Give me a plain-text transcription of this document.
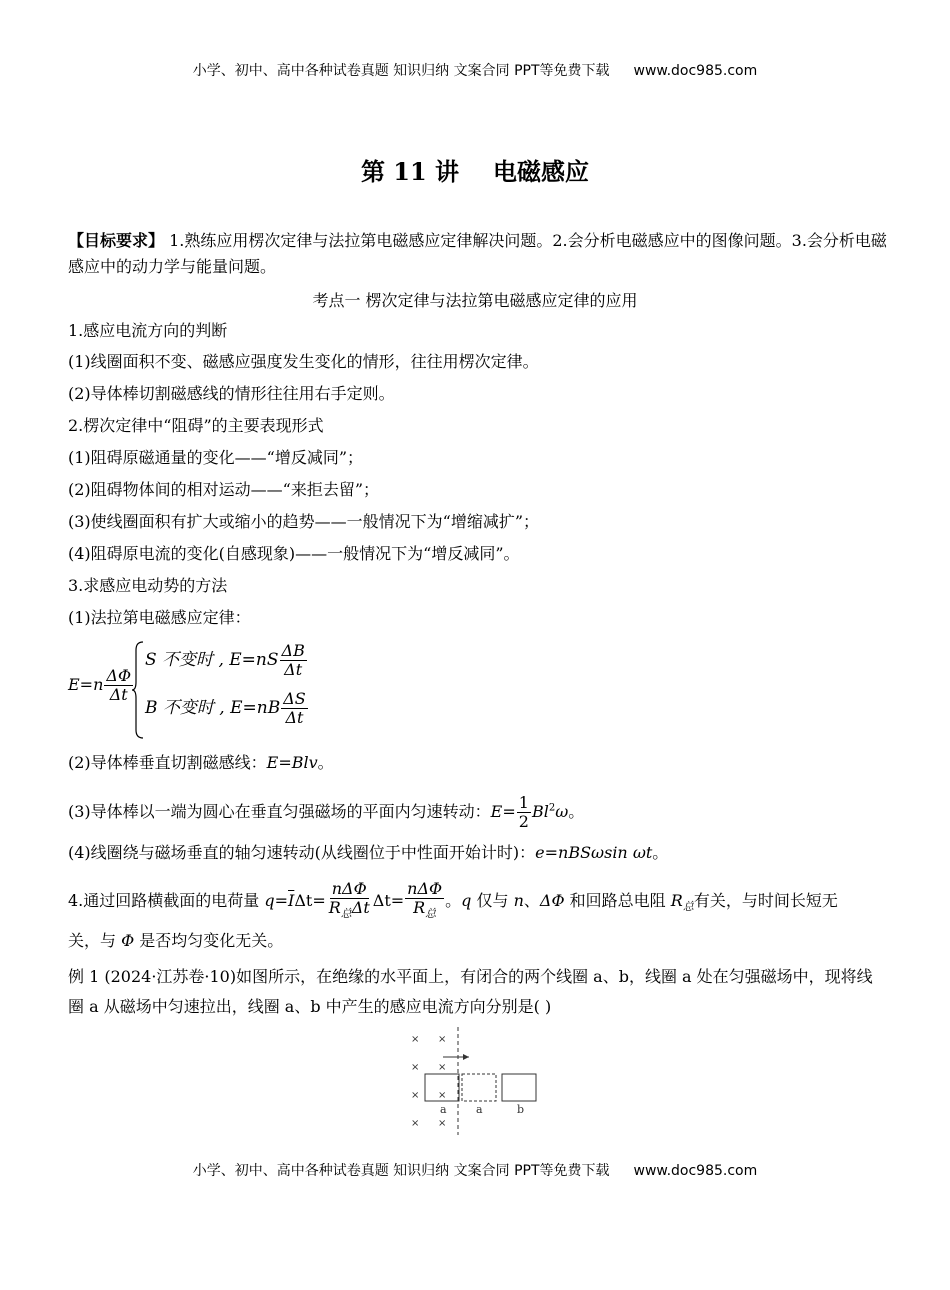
小学、初中、高中各种试卷真题 知识归纳 文案合同 PPT等免费下载 www.doc985.com
第 11 讲 电磁感应
【目标要求】 1.熟练应用楞次定律与法拉第电磁感应定律解决问题。2.会分析电磁感应中的图像问题。3.会分析电磁感应中的动力学与能量问题。
考点一 楞次定律与法拉第电磁感应定律的应用
1.感应电流方向的判断
(1)线圈面积不变、磁感应强度发生变化的情形，往往用楞次定律。
(2)导体棒切割磁感线的情形往往用右手定则。
2.楞次定律中“阻碍”的主要表现形式
(1)阻碍原磁通量的变化——“增反减同”；
(2)阻碍物体间的相对运动——“来拒去留”；
(3)使线圈面积有扩大或缩小的趋势——一般情况下为“增缩减扩”；
(4)阻碍原电流的变化(自感现象)——一般情况下为“增反减同”。
3.求感应电动势的方法
(1)法拉第电磁感应定律：
$E=n \frac{\Delta\Phi}{\Delta t}$
S 不变时 , $E=nS \frac{\Delta B}{\Delta t}$
B 不变时 , $E=nB \frac{\Delta S}{\Delta t}$
(2)导体棒垂直切割磁感线：E=Blv。
(3)导体棒以一端为圆心在垂直匀强磁场的平面内匀速转动：$E= \frac{1}{2} Bl^2\omega$。
(4)线圈绕与磁场垂直的轴匀速转动(从线圈位于中性面开始计时)：e=nBSωsin ωt。
4.通过回路横截面的电荷量 $q=\overline{I}\Delta t= \frac{\text{nΔΦ}}{R_总\Delta t} \Delta t= \frac{\text{nΔΦ}}{R_总}$ 。q 仅与 n、ΔΦ 和回路总电阻 $R_总$有关，与时间长短无
关，与 Φ 是否均匀变化无关。
例 1 (2024·江苏卷·10)如图所示，在绝缘的水平面上，有闭合的两个线圈 a、b，线圈 a 处在匀强磁场中，现将线圈 a 从磁场中匀速拉出，线圈 a、b 中产生的感应电流方向分别是( )
× ×
× ×
× ×
× ×
a	a	b
小学、初中、高中各种试卷真题 知识归纳 文案合同 PPT等免费下载 www.doc985.com
